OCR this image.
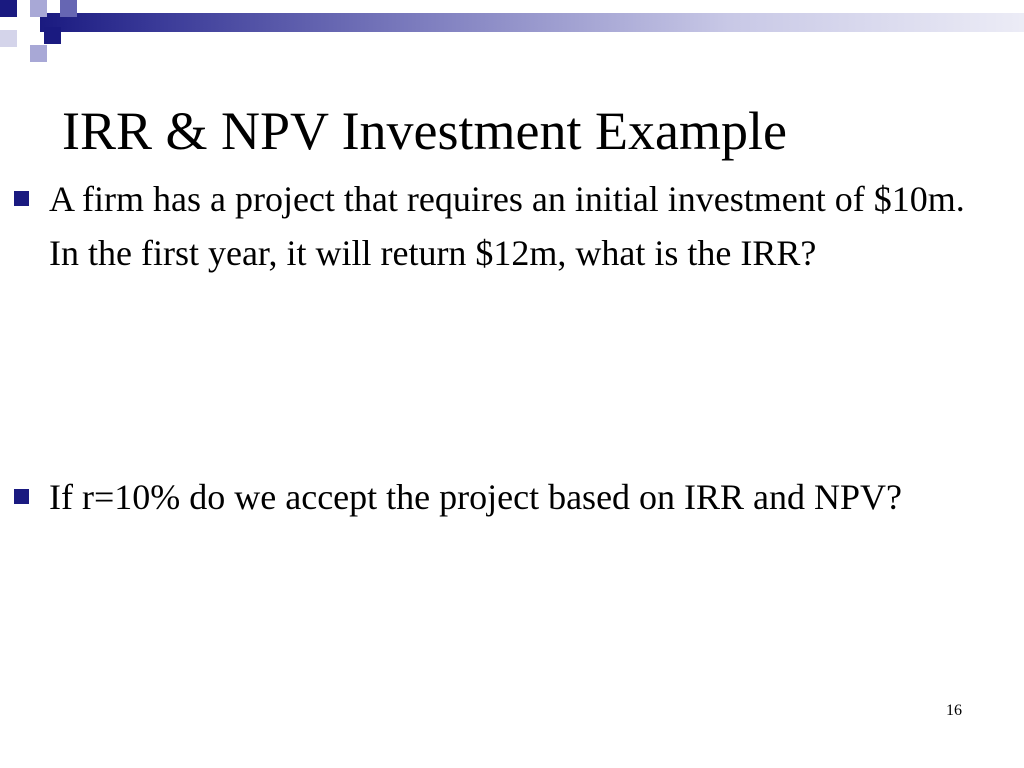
IRR & NPV Investment Example
A firm has a project that requires an initial investment of $10m. In the first year, it will return $12m, what is the IRR?
If r=10% do we accept the project based on IRR and NPV?
16
